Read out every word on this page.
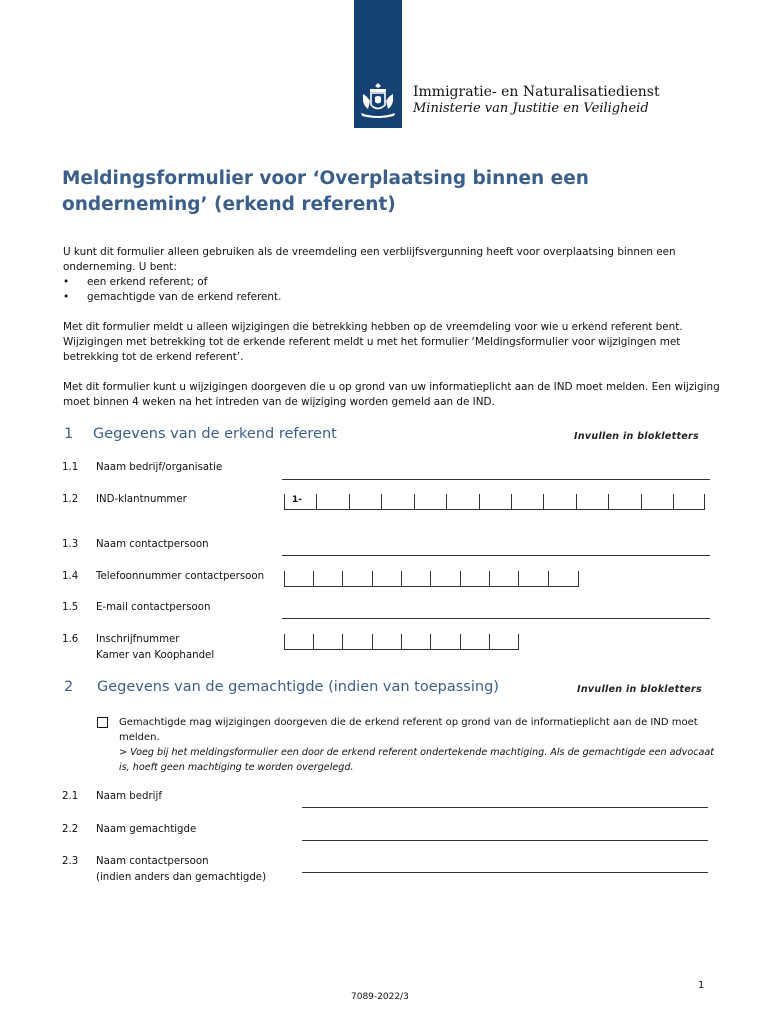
Immigratie- en Naturalisatiedienst
Ministerie van Justitie en Veiligheid
Meldingsformulier voor ‘Overplaatsing binnen een
onderneming’ (erkend referent)
U kunt dit formulier alleen gebruiken als de vreemdeling een verblijfsvergunning heeft voor overplaatsing binnen een onderneming. U bent:
• een erkend referent; of
• gemachtigde van de erkend referent.
Met dit formulier meldt u alleen wijzigingen die betrekking hebben op de vreemdeling voor wie u erkend referent bent. Wijzigingen met betrekking tot de erkende referent meldt u met het formulier ‘Meldingsformulier voor wijzigingen met betrekking tot de erkend referent’.
Met dit formulier kunt u wijzigingen doorgeven die u op grond van uw informatieplicht aan de IND moet melden. Een wijziging moet binnen 4 weken na het intreden van de wijziging worden gemeld aan de IND.
1 Gegevens van de erkend referent	Invullen in blokletters
1.1 Naam bedrijf/organisatie
1.2 IND-klantnummer	1-
1.3 Naam contactpersoon
1.4 Telefoonnummer contactpersoon
1.5 E-mail contactpersoon
1.6 Inschrijfnummer
Kamer van Koophandel
2 Gegevens van de gemachtigde (indien van toepassing)	Invullen in blokletters
Gemachtigde mag wijzigingen doorgeven die de erkend referent op grond van de informatieplicht aan de IND moet melden.
> Voeg bij het meldingsformulier een door de erkend referent ondertekende machtiging. Als de gemachtigde een advocaat is, hoeft geen machtiging te worden overgelegd.
2.1 Naam bedrijf
2.2 Naam gemachtigde
2.3 Naam contactpersoon
(indien anders dan gemachtigde)
1
7089-2022/3
